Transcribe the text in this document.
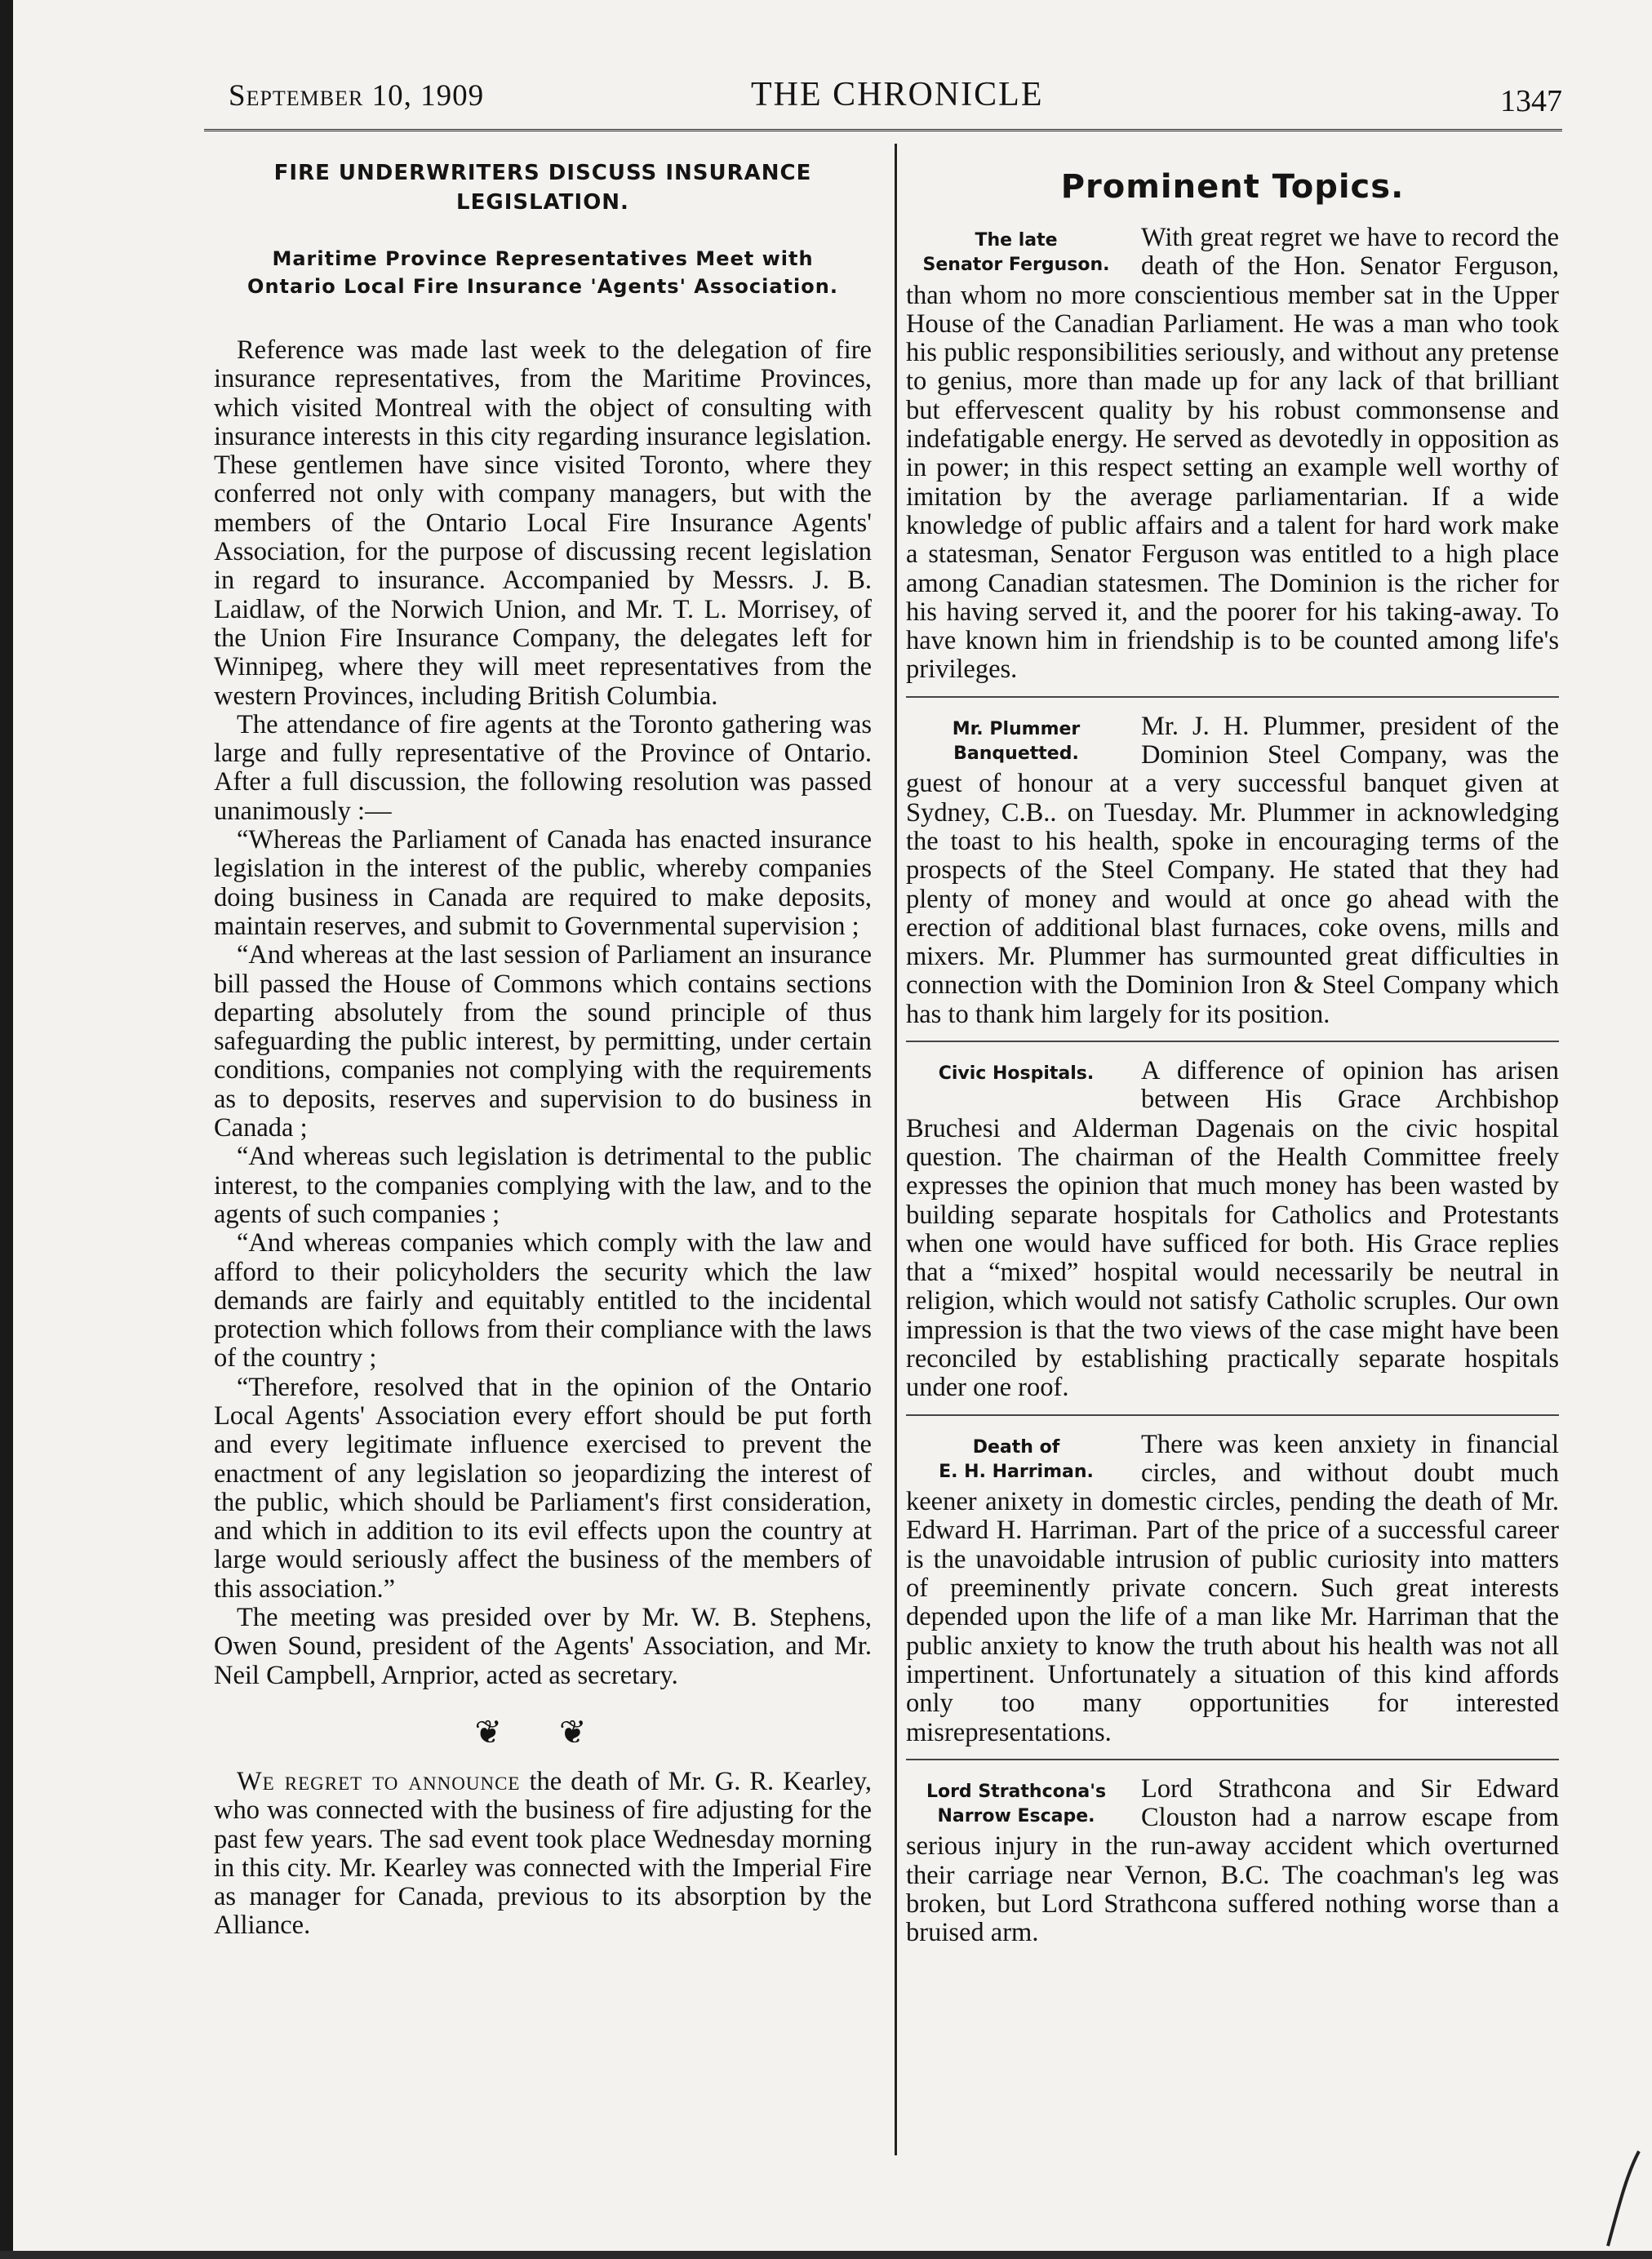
September 10, 1909	THE CHRONICLE	1347

FIRE UNDERWRITERS DISCUSS INSURANCE LEGISLATION.

Maritime Province Representatives Meet with Ontario Local Fire Insurance 'Agents' Association.

Reference was made last week to the delegation of fire insurance representatives, from the Maritime Provinces, which visited Montreal with the object of consulting with insurance interests in this city regarding insurance legislation. These gentlemen have since visited Toronto, where they conferred not only with company managers, but with the members of the Ontario Local Fire Insurance Agents' Association, for the purpose of discussing recent legislation in regard to insurance. Accompanied by Messrs. J. B. Laidlaw, of the Norwich Union, and Mr. T. L. Morrisey, of the Union Fire Insurance Company, the delegates left for Winnipeg, where they will meet representatives from the western Provinces, including British Columbia.

The attendance of fire agents at the Toronto gathering was large and fully representative of the Province of Ontario. After a full discussion, the following resolution was passed unanimously :—

“Whereas the Parliament of Canada has enacted insurance legislation in the interest of the public, whereby companies doing business in Canada are required to make deposits, maintain reserves, and submit to Governmental supervision ;

“And whereas at the last session of Parliament an insurance bill passed the House of Commons which contains sections departing absolutely from the sound principle of thus safeguarding the public interest, by permitting, under certain conditions, companies not complying with the requirements as to deposits, reserves and supervision to do business in Canada ;

“And whereas such legislation is detrimental to the public interest, to the companies complying with the law, and to the agents of such companies ;

“And whereas companies which comply with the law and afford to their policyholders the security which the law demands are fairly and equitably entitled to the incidental protection which follows from their compliance with the laws of the country ;

“Therefore, resolved that in the opinion of the Ontario Local Agents' Association every effort should be put forth and every legitimate influence exercised to prevent the enactment of any legislation so jeopardizing the interest of the public, which should be Parliament's first consideration, and which in addition to its evil effects upon the country at large would seriously affect the business of the members of this association.”

The meeting was presided over by Mr. W. B. Stephens, Owen Sound, president of the Agents' Association, and Mr. Neil Campbell, Arnprior, acted as secretary.

❦ ❦

We regret to announce the death of Mr. G. R. Kearley, who was connected with the business of fire adjusting for the past few years. The sad event took place Wednesday morning in this city. Mr. Kearley was connected with the Imperial Fire as manager for Canada, previous to its absorption by the Alliance.

Prominent Topics.
The late
Senator Ferguson.

With great regret we have to record the death of the Hon. Senator Ferguson, than whom no more conscientious member sat in the Upper House of the Canadian Parliament. He was a man who took his public responsibilities seriously, and without any pretense to genius, more than made up for any lack of that brilliant but effervescent quality by his robust commonsense and indefatigable energy. He served as devotedly in opposition as in power; in this respect setting an example well worthy of imitation by the average parliamentarian. If a wide knowledge of public affairs and a talent for hard work make a statesman, Senator Ferguson was entitled to a high place among Canadian statesmen. The Dominion is the richer for his having served it, and the poorer for his taking-away. To have known him in friendship is to be counted among life's privileges.

Mr. Plummer
Banquetted.

Mr. J. H. Plummer, president of the Dominion Steel Company, was the guest of honour at a very successful banquet given at Sydney, C.B.. on Tuesday. Mr. Plummer in acknowledging the toast to his health, spoke in encouraging terms of the prospects of the Steel Company. He stated that they had plenty of money and would at once go ahead with the erection of additional blast furnaces, coke ovens, mills and mixers. Mr. Plummer has surmounted great difficulties in connection with the Dominion Iron & Steel Company which has to thank him largely for its position.

Civic Hospitals.	A difference of opinion has arisen between His Grace Archbishop Bruchesi and Alderman Dagenais on the civic hospital question. The chairman of the Health Committee freely expresses the opinion that much money has been wasted by building separate hospitals for Catholics and Protestants when one would have sufficed for both. His Grace replies that a “mixed” hospital would necessarily be neutral in religion, which would not satisfy Catholic scruples. Our own impression is that the two views of the case might have been reconciled by establishing practically separate hospitals under one roof.

Death of
E. H. Harriman.

There was keen anxiety in financial circles, and without doubt much keener anixety in domestic circles, pending the death of Mr. Edward H. Harriman. Part of the price of a successful career is the unavoidable intrusion of public curiosity into matters of preeminently private concern. Such great interests depended upon the life of a man like Mr. Harriman that the public anxiety to know the truth about his health was not all impertinent. Unfortunately a situation of this kind affords only too many opportunities for interested misrepresentations.

Lord Strathcona's
Narrow Escape.

Lord Strathcona and Sir Edward Clouston had a narrow escape from serious injury in the run-away accident which overturned their carriage near Vernon, B.C. The coachman's leg was broken, but Lord Strathcona suffered nothing worse than a bruised arm.
